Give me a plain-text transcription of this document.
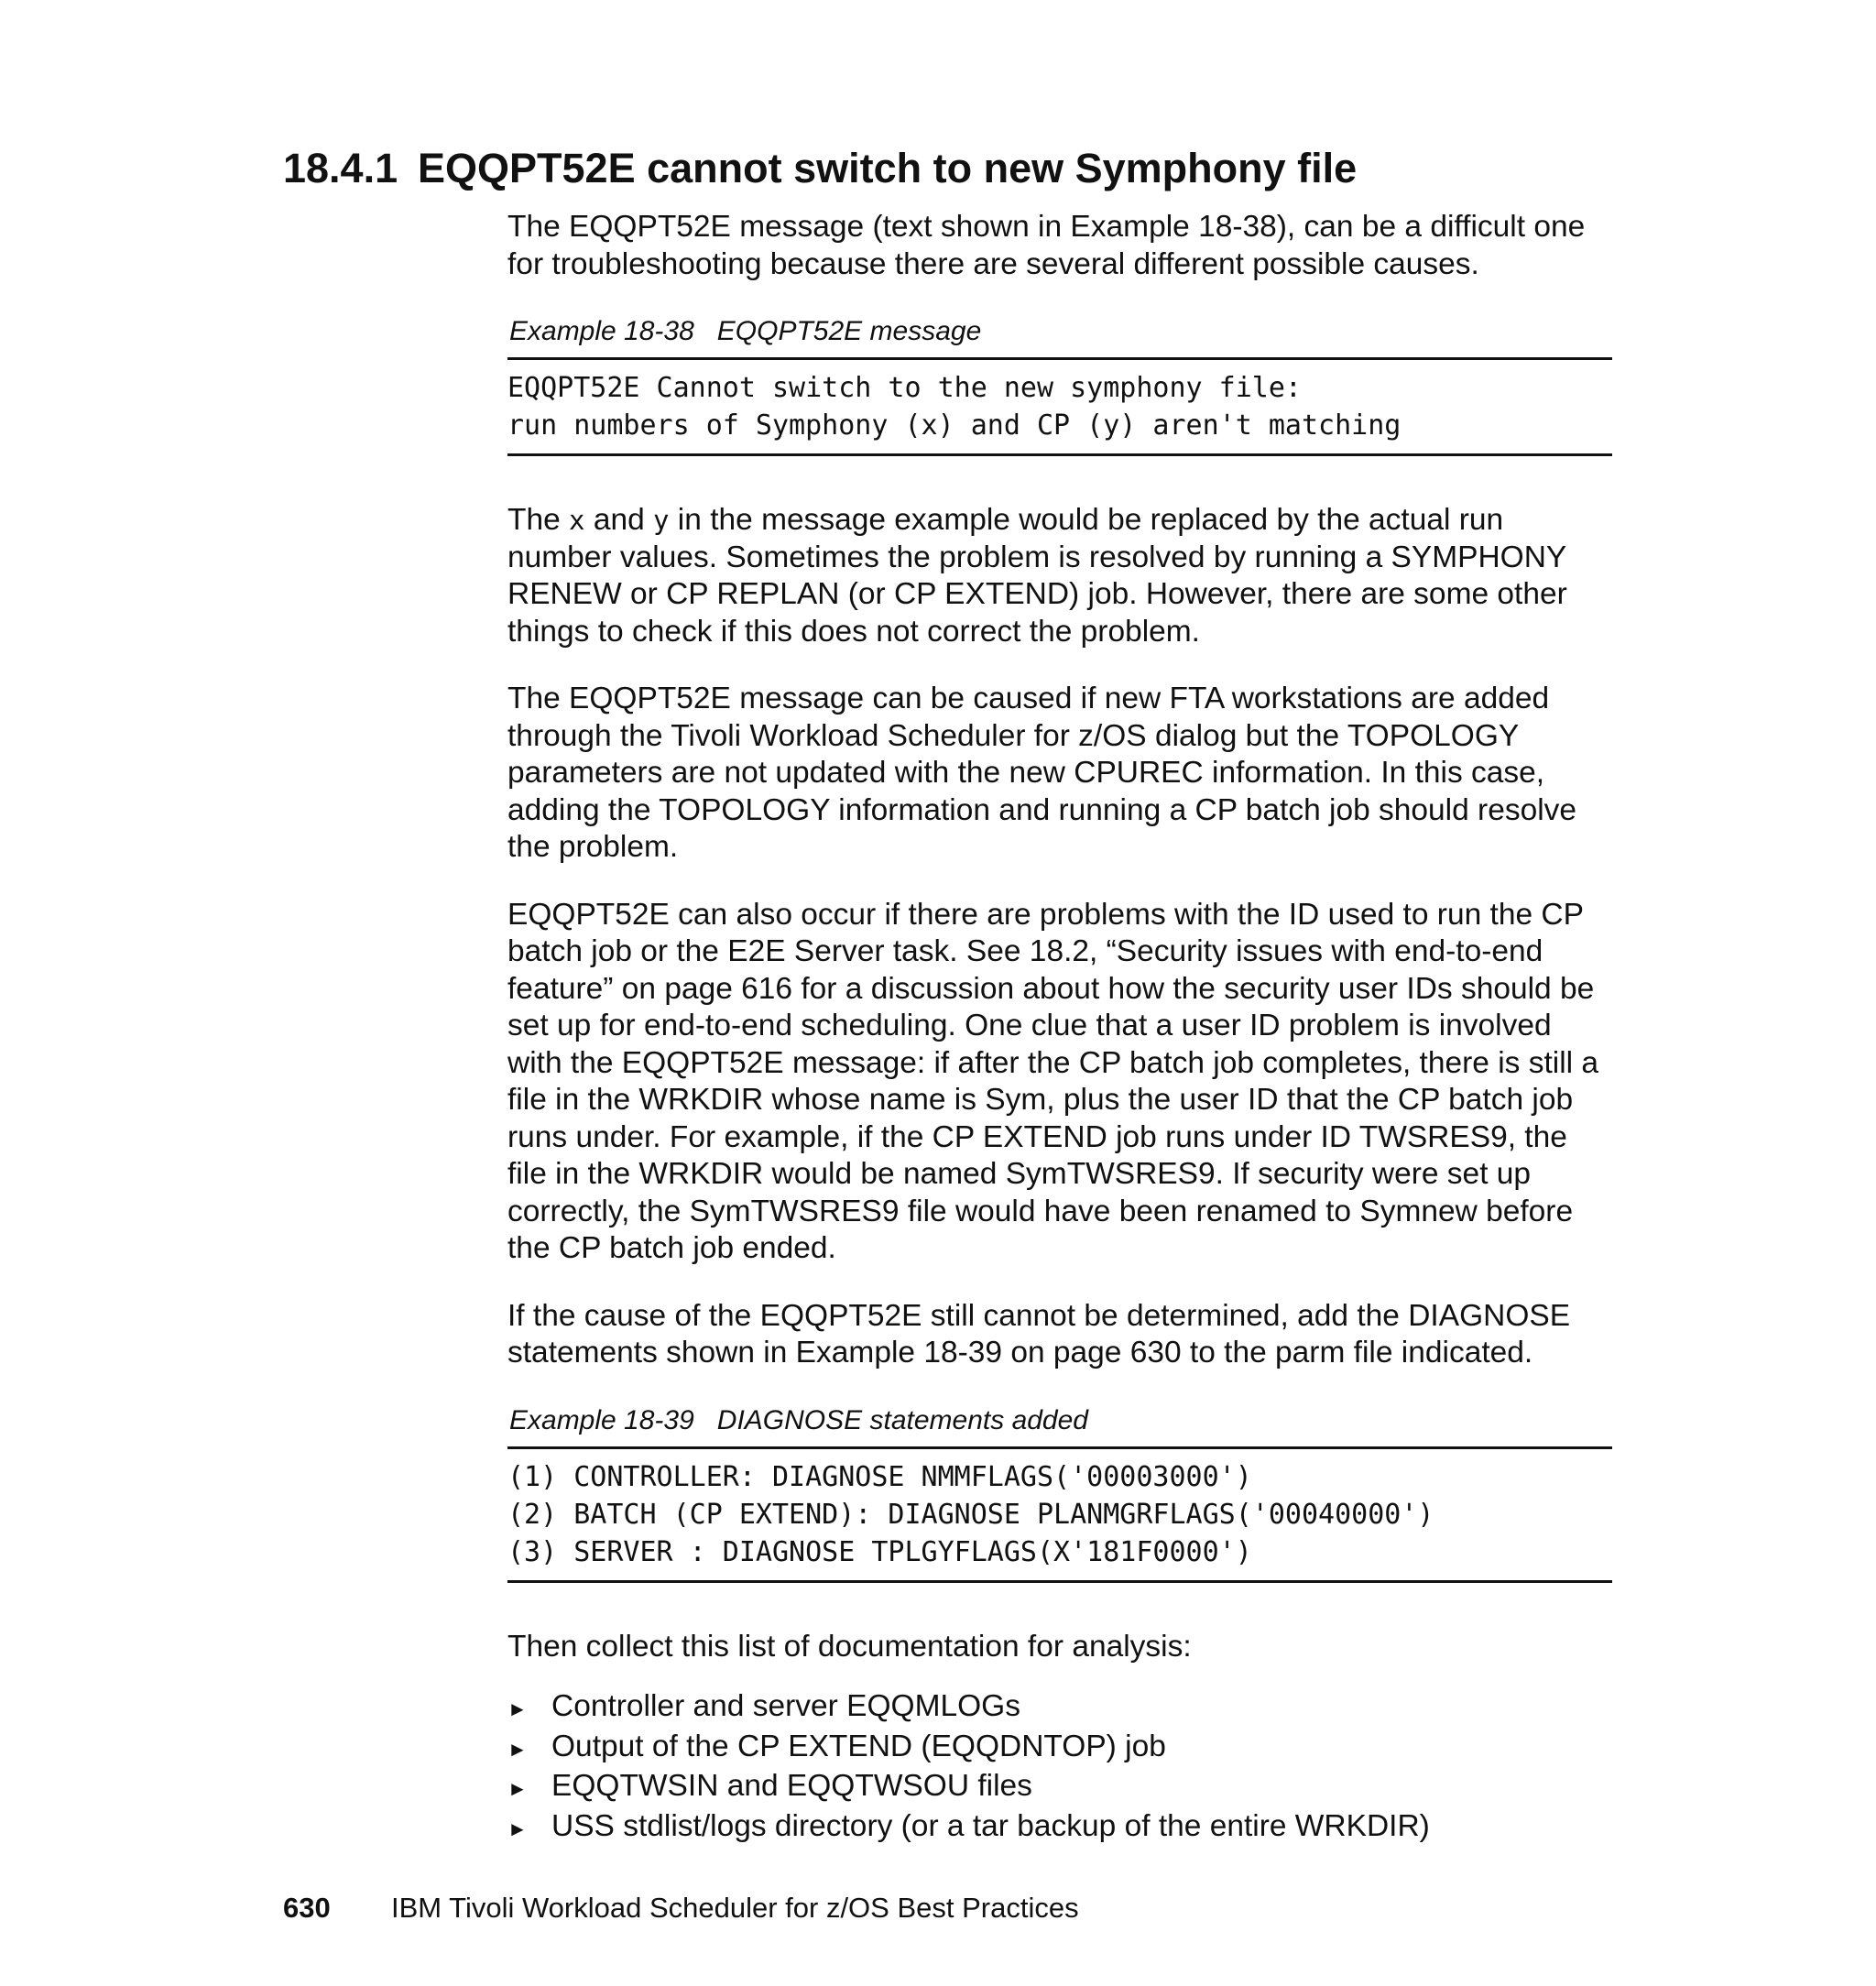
18.4.1 EQQPT52E cannot switch to new Symphony file

The EQQPT52E message (text shown in Example 18-38), can be a difficult one for troubleshooting because there are several different possible causes.

Example 18-38 EQQPT52E message
EQQPT52E Cannot switch to the new symphony file:
run numbers of Symphony (x) and CP (y) aren't matching

The x and y in the message example would be replaced by the actual run number values. Sometimes the problem is resolved by running a SYMPHONY RENEW or CP REPLAN (or CP EXTEND) job. However, there are some other things to check if this does not correct the problem.

The EQQPT52E message can be caused if new FTA workstations are added through the Tivoli Workload Scheduler for z/OS dialog but the TOPOLOGY parameters are not updated with the new CPUREC information. In this case, adding the TOPOLOGY information and running a CP batch job should resolve the problem.

EQQPT52E can also occur if there are problems with the ID used to run the CP batch job or the E2E Server task. See 18.2, “Security issues with end-to-end feature” on page 616 for a discussion about how the security user IDs should be set up for end-to-end scheduling. One clue that a user ID problem is involved with the EQQPT52E message: if after the CP batch job completes, there is still a file in the WRKDIR whose name is Sym, plus the user ID that the CP batch job runs under. For example, if the CP EXTEND job runs under ID TWSRES9, the file in the WRKDIR would be named SymTWSRES9. If security were set up correctly, the SymTWSRES9 file would have been renamed to Symnew before the CP batch job ended.

If the cause of the EQQPT52E still cannot be determined, add the DIAGNOSE statements shown in Example 18-39 on page 630 to the parm file indicated.

Example 18-39 DIAGNOSE statements added
(1) CONTROLLER: DIAGNOSE NMMFLAGS('00003000')
(2) BATCH (CP EXTEND): DIAGNOSE PLANMGRFLAGS('00040000')
(3) SERVER : DIAGNOSE TPLGYFLAGS(X'181F0000')

Then collect this list of documentation for analysis:

► Controller and server EQQMLOGs
► Output of the CP EXTEND (EQQDNTOP) job
► EQQTWSIN and EQQTWSOU files
► USS stdlist/logs directory (or a tar backup of the entire WRKDIR)
630 IBM Tivoli Workload Scheduler for z/OS Best Practices
